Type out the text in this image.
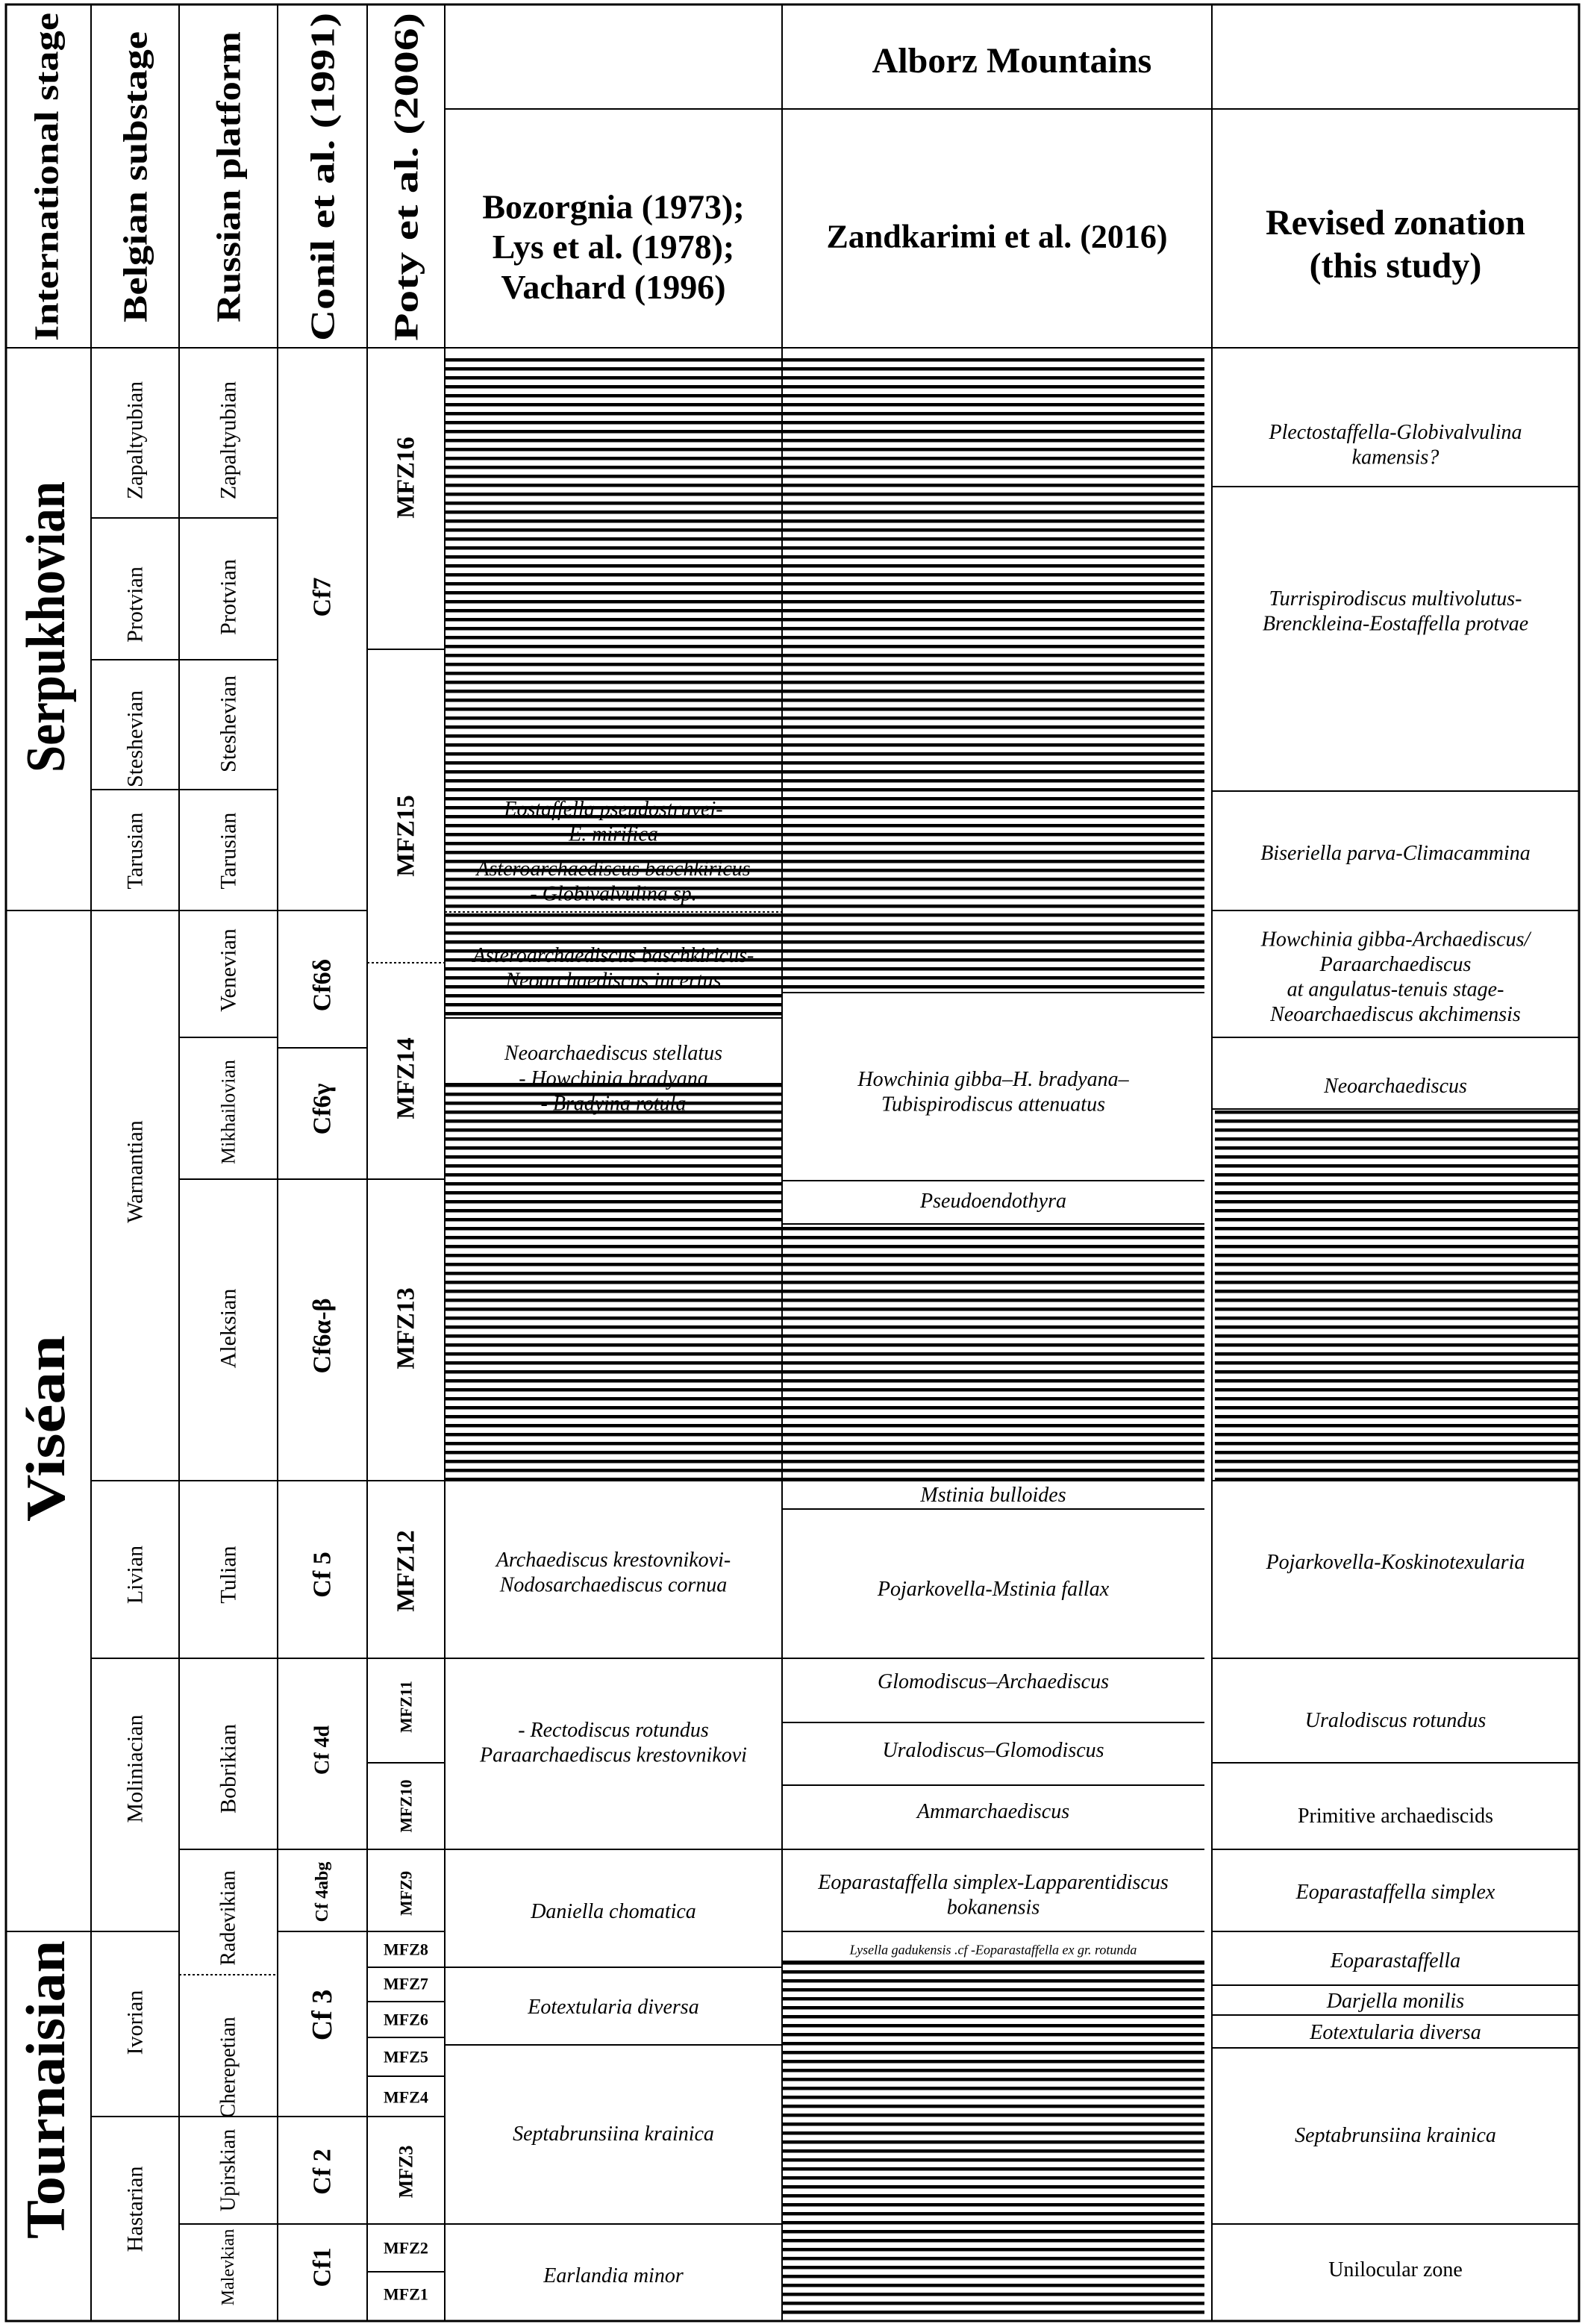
Alborz Mountains
International stage Belgian substage Russian platform Conil et al. (1991) Poty et al. (2006) Bozorgnia (1973); Lys et al. (1978); Vachard (1996)
Zandkarimi et al. (2016)	Revised zonation (this study)
Serpukhovian
Viséan
Tournaisian
Zapaltyubian
Protvian
Steshevian
Tarusian
Warnantian
Livian
Moliniacian
Ivorian
Hastarian
Zapaltyubian
Protvian
Steshevian
Tarusian
Venevian
Mikhailovian
Aleksian
Tulian
Bobrikian
Radevikian
Cherepetian
Upirskian
Malevkian
Cf7
Cf6δ
Cf6γ
Cf6α-β
Cf 5
Cf 4d
Cf 4abg
Cf 3
Cf 2
Cf1
MFZ16
MFZ15
MFZ14
MFZ13
MFZ12
MFZ11
MFZ10
MFZ9
MFZ8
MFZ7
MFZ6
MFZ5
MFZ4
MFZ2
MFZ1
MFZ3
Eostaffella pseudostruvei-E. mirifica
Asteroarchaediscus baschkiricus - Globivalvulina sp.
Asteroarchaediscus baschkiricus-Neoarchaediscus incertus
Neoarchaediscus stellatus - Howchinia bradyana - Bradyina rotula
Archaediscus krestovnikovi-Nodosarchaediscus cornua
- Rectodiscus rotundus Paraarchaediscus krestovnikovi
Daniella chomatica
Eotextularia diversa
Septabrunsiina krainica
Earlandia minor
Howchinia gibba–H. bradyana– Tubispirodiscus attenuatus
Pseudoendothyra
Mstinia bulloides
Pojarkovella-Mstinia fallax
Glomodiscus–Archaediscus
Uralodiscus–Glomodiscus
Ammarchaediscus
Eoparastaffella simplex-Lapparentidiscus bokanensis
Lysella gadukensis .cf -Eoparastaffella ex gr. rotunda
Plectostaffella-Globivalvulina kamensis?
Turrispirodiscus multivolutus-Brenckleina-Eostaffella protvae
Biseriella parva-Climacammina
Howchinia gibba-Archaediscus/ Paraarchaediscus at angulatus-tenuis stage-Neoarchaediscus akchimensis
Neoarchaediscus
Pojarkovella-Koskinotexularia
Uralodiscus rotundus
Primitive archaediscids
Eoparastaffella simplex
Eoparastaffella
Darjella monilis
Eotextularia diversa
Septabrunsiina krainica
Unilocular zone
